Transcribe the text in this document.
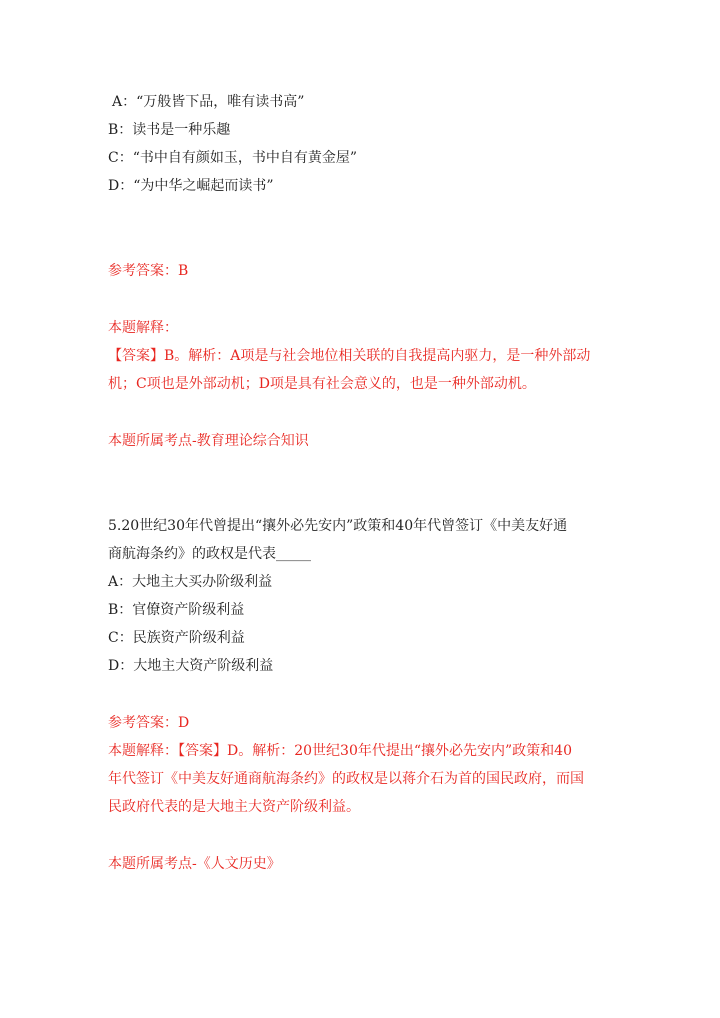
A：“万般皆下品，唯有读书高”
B：读书是一种乐趣
C：“书中自有颜如玉，书中自有黄金屋”
D：“为中华之崛起而读书”
参考答案：B
本题解释：
【答案】B。解析：A项是与社会地位相关联的自我提高内驱力，是一种外部动
机；C项也是外部动机；D项是具有社会意义的，也是一种外部动机。
本题所属考点-教育理论综合知识
5.20世纪30年代曾提出“攘外必先安内”政策和40年代曾签订《中美友好通
商航海条约》的政权是代表_____
A：大地主大买办阶级利益
B：官僚资产阶级利益
C：民族资产阶级利益
D：大地主大资产阶级利益
参考答案：D
本题解释：【答案】D。解析：20世纪30年代提出“攘外必先安内”政策和40
年代签订《中美友好通商航海条约》的政权是以蒋介石为首的国民政府，而国
民政府代表的是大地主大资产阶级利益。
本题所属考点-《人文历史》
